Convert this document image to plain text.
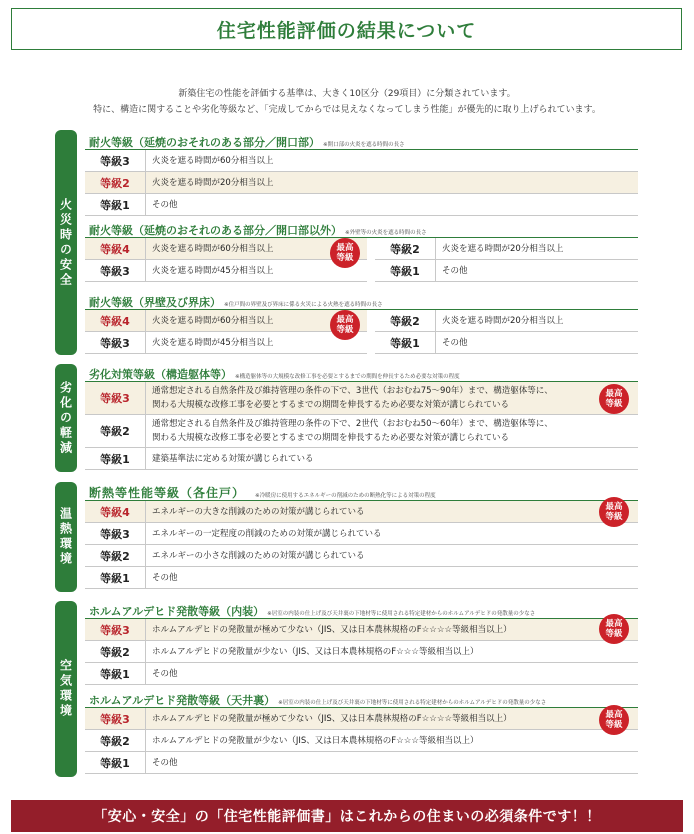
住宅性能評価の結果について
新築住宅の性能を評価する基準は、大きく10区分（29項目）に分類されています。
特に、構造に関することや劣化等級など、「完成してからでは見えなくなってしまう性能」が優先的に取り上げられています。
火災時の安全
劣化の軽減
温熱環境
空気環境
耐火等級（延焼のおそれのある部分／開口部） ※開口部の火炎を遮る時間の長さ
等級3	火炎を遮る時間が60分相当以上
等級2	火炎を遮る時間が20分相当以上
等級1	その他
耐火等級（延焼のおそれのある部分／開口部以外） ※外壁等の火炎を遮る時間の長さ
等級4	火炎を遮る時間が60分相当以上
等級3	火炎を遮る時間が45分相当以上
等級2	火炎を遮る時間が20分相当以上
等級1	その他
最高
等級
耐火等級（界壁及び界床） ※住戸間の界壁及び界床に係る火災による火熱を遮る時間の長さ
等級4	火炎を遮る時間が60分相当以上
等級3	火炎を遮る時間が45分相当以上
等級2	火炎を遮る時間が20分相当以上
等級1	その他
最高
等級
劣化対策等級（構造躯体等） ※構造躯体等の大規模な改修工事を必要とするまでの期間を伸長するため必要な対策の程度
等級3
通常想定される自然条件及び維持管理の条件の下で、3世代（おおむね75～90年）まで、構造躯体等に、
関わる大規模な改修工事を必要とするまでの期間を伸長するため必要な対策が講じられている
等級2
通常想定される自然条件及び維持管理の条件の下で、2世代（おおむね50～60年）まで、構造躯体等に、
関わる大規模な改修工事を必要とするまでの期間を伸長するため必要な対策が講じられている
等級1	建築基準法に定める対策が講じられている
最高
等級
断熱等性能等級（各住戸） ※冷暖房に使用するエネルギーの削減のための断熱化等による対策の程度
等級4	エネルギーの大きな削減のための対策が講じられている
等級3	エネルギーの一定程度の削減のための対策が講じられている
等級2	エネルギーの小さな削減のための対策が講じられている
等級1	その他
最高
等級
ホルムアルデヒド発散等級（内装） ※居室の内装の仕上げ及び天井裏の下地材等に使用される特定建材からのホルムアルデヒドの発散量の少なさ
等級3	ホルムアルデヒドの発散量が極めて少ない（JIS、又は日本農林規格のF☆☆☆☆等級相当以上）
等級2	ホルムアルデヒドの発散量が少ない（JIS、又は日本農林規格のF☆☆☆等級相当以上）
等級1	その他
最高
等級
ホルムアルデヒド発散等級（天井裏） ※居室の内装の仕上げ及び天井裏の下地材等に使用される特定建材からのホルムアルデヒドの発散量の少なさ
等級3	ホルムアルデヒドの発散量が極めて少ない（JIS、又は日本農林規格のF☆☆☆☆等級相当以上）
等級2	ホルムアルデヒドの発散量が少ない（JIS、又は日本農林規格のF☆☆☆等級相当以上）
等級1	その他
最高
等級
「安心・安全」の「住宅性能評価書」はこれからの住まいの必須条件です！！
